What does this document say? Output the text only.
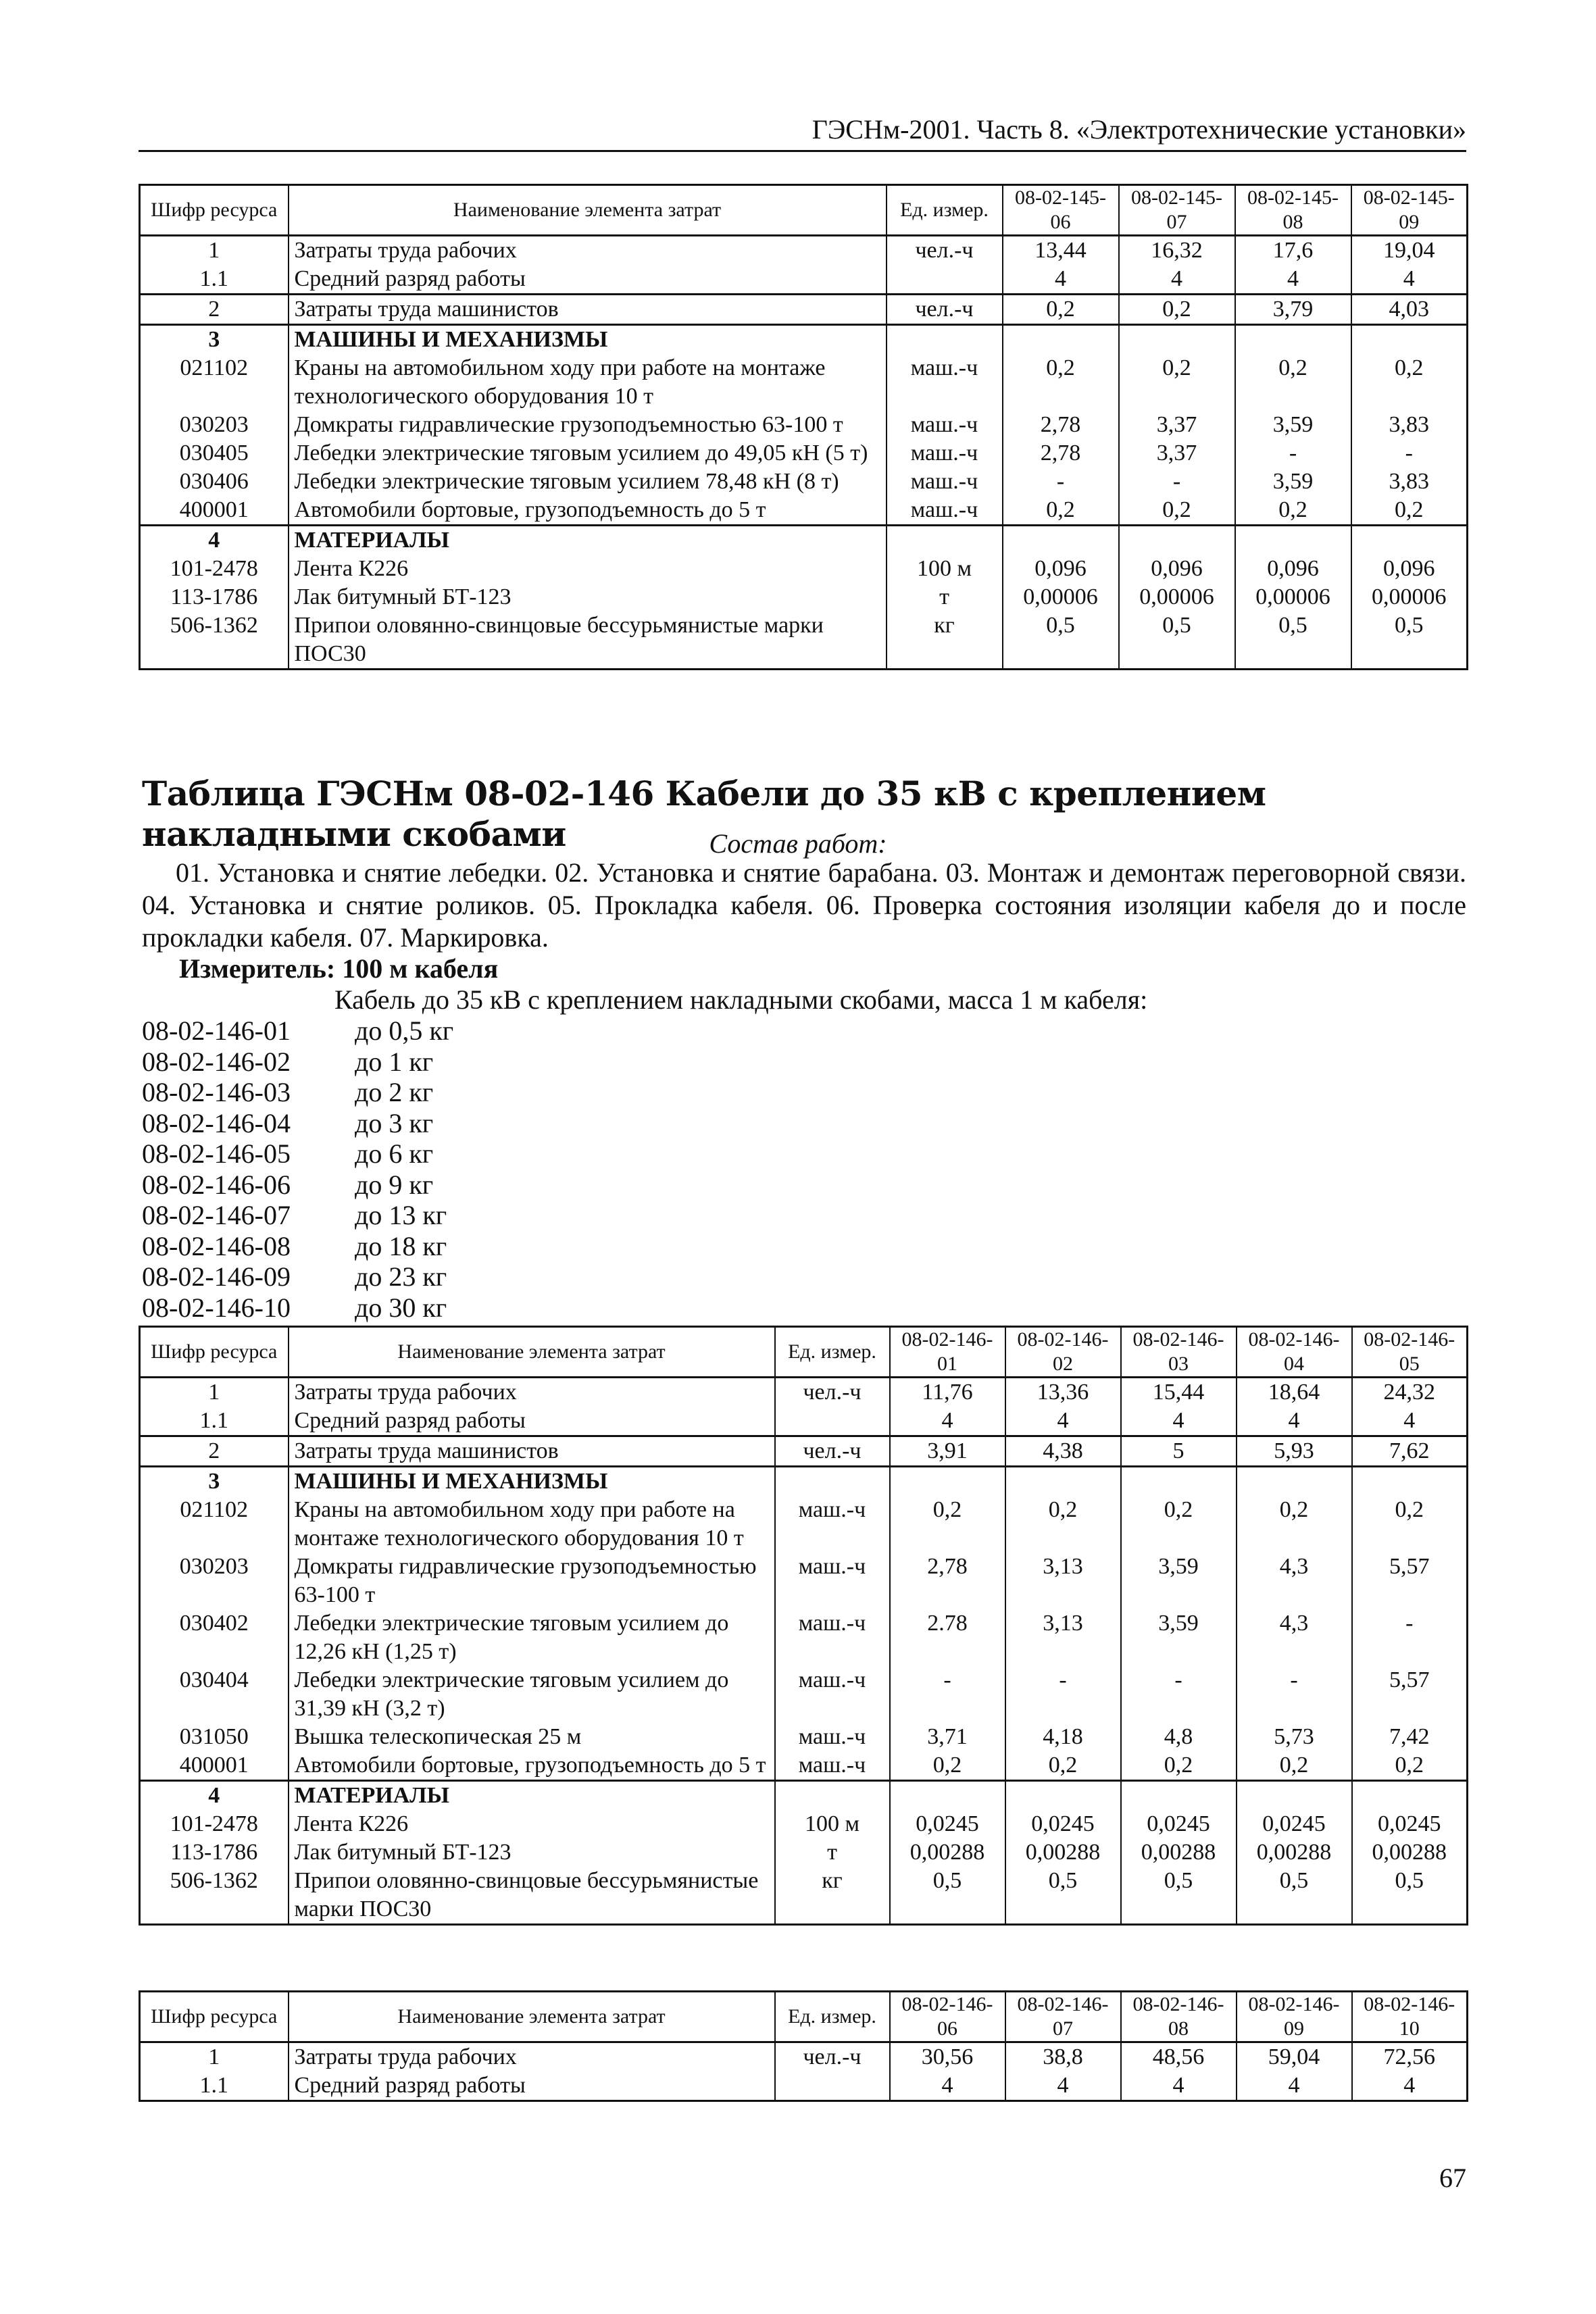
ГЭСНм-2001. Часть 8. «Электротехнические установки»
Шифр ресурса	Наименование элемента затрат	Ед. измер.	08-02-145-06	08-02-145-07	08-02-145-08	08-02-145-09
1	Затраты труда рабочих	чел.-ч	13,44	16,32	17,6	19,04
1.1	Средний разряд работы		4	4	4	4
2	Затраты труда машинистов	чел.-ч	0,2	0,2	3,79	4,03
3	МАШИНЫ И МЕХАНИЗМЫ					
021102	Краны на автомобильном ходу при работе на монтаже технологического оборудования 10 т	маш.-ч	0,2	0,2	0,2	0,2
030203	Домкраты гидравлические грузоподъемностью 63-100 т	маш.-ч	2,78	3,37	3,59	3,83
030405	Лебедки электрические тяговым усилием до 49,05 кН (5 т)	маш.-ч	2,78	3,37	-	-
030406	Лебедки электрические тяговым усилием 78,48 кН (8 т)	маш.-ч	-	-	3,59	3,83
400001	Автомобили бортовые, грузоподъемность до 5 т	маш.-ч	0,2	0,2	0,2	0,2
4	МАТЕРИАЛЫ					
101-2478	Лента К226	100 м	0,096	0,096	0,096	0,096
113-1786	Лак битумный БТ-123	т	0,00006	0,00006	0,00006	0,00006
506-1362	Припои оловянно-свинцовые бессурьмянистые марки ПОС30	кг	0,5	0,5	0,5	0,5
Таблица ГЭСНм 08-02-146 Кабели до 35 кВ с креплением накладными скобами	Состав работ:
01. Установка и снятие лебедки. 02. Установка и снятие барабана. 03. Монтаж и демонтаж переговорной связи. 04. Установка и снятие роликов. 05. Прокладка кабеля. 06. Проверка состояния изоляции кабеля до и после прокладки кабеля. 07. Маркировка.
Измеритель: 100 м кабеля
Кабель до 35 кВ с креплением накладными скобами, масса 1 м кабеля:
08-02-146-01	до 0,5 кг
08-02-146-02	до 1 кг
08-02-146-03	до 2 кг
08-02-146-04	до 3 кг
08-02-146-05	до 6 кг
08-02-146-06	до 9 кг
08-02-146-07	до 13 кг
08-02-146-08	до 18 кг
08-02-146-09	до 23 кг
08-02-146-10	до 30 кг
Шифр ресурса	Наименование элемента затрат	Ед. измер.	08-02-146-01	08-02-146-02	08-02-146-03	08-02-146-04	08-02-146-05
1	Затраты труда рабочих	чел.-ч	11,76	13,36	15,44	18,64	24,32
1.1	Средний разряд работы		4	4	4	4	4
2	Затраты труда машинистов	чел.-ч	3,91	4,38	5	5,93	7,62
3	МАШИНЫ И МЕХАНИЗМЫ						
021102	Краны на автомобильном ходу при работе на монтаже технологического оборудования 10 т	маш.-ч	0,2	0,2	0,2	0,2	0,2
030203	Домкраты гидравлические грузоподъемностью 63-100 т	маш.-ч	2,78	3,13	3,59	4,3	5,57
030402	Лебедки электрические тяговым усилием до 12,26 кН (1,25 т)	маш.-ч	2.78	3,13	3,59	4,3	-
030404	Лебедки электрические тяговым усилием до 31,39 кН (3,2 т)	маш.-ч	-	-	-	-	5,57
031050	Вышка телескопическая 25 м	маш.-ч	3,71	4,18	4,8	5,73	7,42
400001	Автомобили бортовые, грузоподъемность до 5 т	маш.-ч	0,2	0,2	0,2	0,2	0,2
4	МАТЕРИАЛЫ						
101-2478	Лента К226	100 м	0,0245	0,0245	0,0245	0,0245	0,0245
113-1786	Лак битумный БТ-123	т	0,00288	0,00288	0,00288	0,00288	0,00288
506-1362	Припои оловянно-свинцовые бессурьмянистые марки ПОС30	кг	0,5	0,5	0,5	0,5	0,5
Шифр ресурса	Наименование элемента затрат	Ед. измер.	08-02-146-06	08-02-146-07	08-02-146-08	08-02-146-09	08-02-146-10
1	Затраты труда рабочих	чел.-ч	30,56	38,8	48,56	59,04	72,56
1.1	Средний разряд работы		4	4	4	4	4
67
